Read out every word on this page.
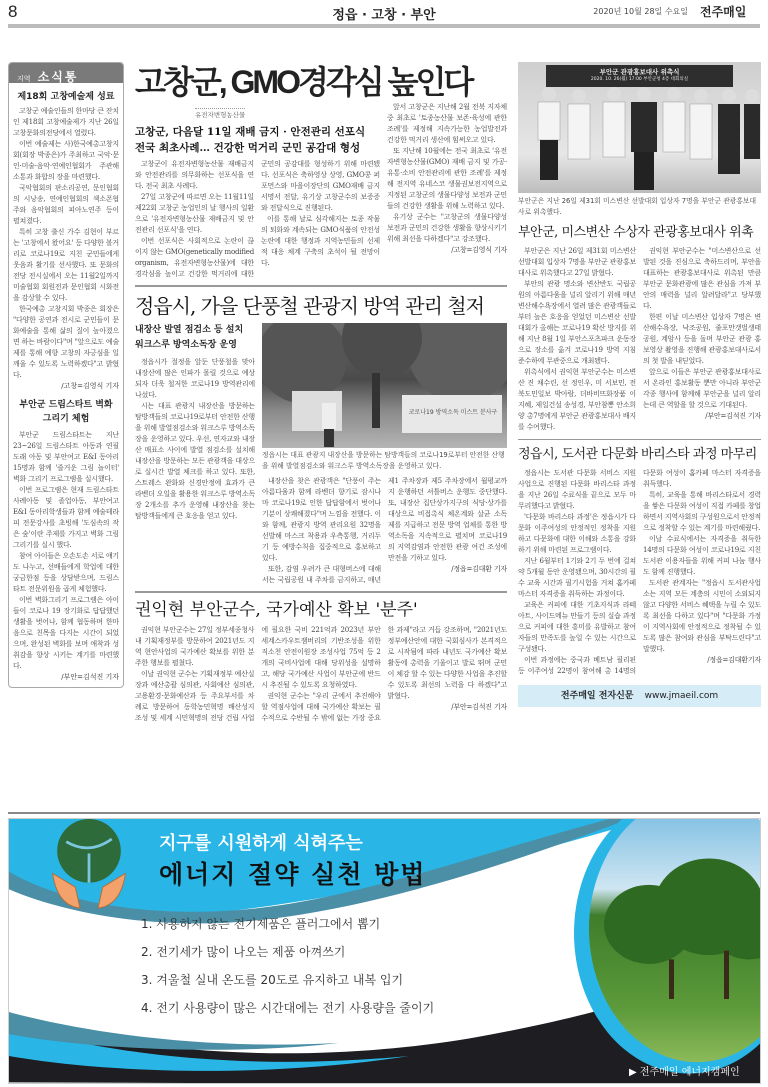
8	정읍 · 고창 · 부안	2020년 10월 28일 수요일 전주매일
지역 소식통
제18회 고창예술제 성료

고창군 예술인들의 한마당 큰 잔치인 제18회 고창예술제가 지난 26일 고창문화의전당에서 열렸다.

이번 예술제는 사)한국예총고창지회(회장 박종은)가 주최하고 국악·문인·미술·음악·연예인협회가 주관해 소통과 화합의 장을 마련했다.

국악협회의 판소리공연, 문인협회의 시낭송, 연예인협회의 색소폰협주와 음악협회의 피아노연주 등이 펼쳐졌다.

특히 고창 출신 가수 김현이 부르는 '고창에서 왔어요' 등 다양한 볼거리로 코로나19로 지친 군민들에게 웃음과 활기를 선사했다. 또 문화의전당 전시실에서 오는 11월2일까지 미술협회 회원전과 문인협회 시화전을 감상할 수 있다.

한국예총 고창지회 박종은 회장은 "다양한 공연과 전시로 군민들이 문화예술을 통해 삶의 질이 높아졌으면 하는 바람이다"며 "앞으로도 예술제를 통해 예향 고창의 자긍심을 일깨울 수 있도록 노력하겠다"고 밝혔다.

/고창=김영식 기자
부안군 드림스타트 벽화 그리기 체험

부안군 드림스타트는 지난 23~26일 드림스타트 아동과 연필도래 아동 및 부안여고 E&I 동아리 15명과 함께 '즐거운 그림 놀이터' 벽화 그리기 프로그램을 실시했다.

이번 프로그램은 현재 드림스타트 사례아동 및 졸업아동, 부안여고 E&I 동아리학생들과 함께 예술테라피 전문강사를 초빙해 '도심속의 작은 숲'이란 주제를 가지고 벽화 그림 그리기를 실시 했다.

참여 아이들은 오손도손 서로 얘기도 나누고, 선배들에게 학업에 대한 궁금한점 등을 상담받으며, 드림스타트 전문위원을 곱게 체험했다.

이번 벽화그리기 프로그램은 아이들이 코로나 19 장기화로 답답했던 생활을 벗어나, 함께 협동하며 한마음으로 친목을 다지는 시간이 되었으며, 완성된 벽화를 보며 애착과 성취감을 향상 시키는 계기를 마련했다.

/부안=김석진 기자
고창군, GMO경각심 높인다
유전자변형농산물
고창군, 다음달 11일 재배 금지 · 안전관리 선포식
전국 최초사례… 건강한 먹거리 군민 공감대 형성

고창군이 유전자변형농산물 재배금지와 안전관리를 의무화하는 선포식을 연다. 전국 최초 사례다.

27일 고창군에 따르면 오는 11월11일 제22회 고창군 농업인의 날 행사의 일환으로 '유전자변형농산물 재배금지 및 안전관리 선포식'을 연다.

이번 선포식은 사회적으로 논란이 끊이지 않는 GMO(genetically modified organism, 유전자변형농산물)에 대한 경각심을 높이고 건강한 먹거리에 대한 군민의 공감대를 형성하기 위해 마련됐다. 선포식은 축하영상 상영, GMO콩 퍼포먼스와 마을이장단의 GMO재배 금지 서명서 전달, 유기상 고창군수의 보증증와 전달식으로 진행된다.

이를 통해 날로 심각해지는 토종 작물의 퇴화와 계속되는 GMO식품의 안전성 논란에 대한 행정과 지역농민들의 선제적 대응 체계 구축의 초석이 될 전망이다.

앞서 고창군은 지난해 2월 전북 지자체 중 최초로 '토종농산물 보존·육성에 관한 조례'를 제정해 지속가능한 농업발전과 건강한 먹거리 생산에 힘써오고 있다.

또 지난해 10월에는 전국 최초로 '유전자변형농산물(GMO) 재배 금지 및 가공·유통·소비 안전관리에 관한 조례'를 제정해 전지역 유네스코 생물권보전지역으로 지정된 고창군의 생물다양성 보전과 군민들의 건강한 생활을 위해 노력하고 있다.

유기상 군수는 "고창군의 생물다양성 보전과 군민의 건강한 생활을 향상시키기 위해 최선을 다하겠다"고 강조했다.

/고창=김영식 기자
정읍시, 가을 단풍철 관광지 방역 관리 철저
내장산 발열 점검소 등 설치
워크스루 방역소독장 운영

정읍시가 절정을 앞둔 단풍철을 맞아 내장산에 많은 인파가 몰릴 것으로 예상되자 더욱 철저한 코로나19 방역관리에 나섰다.

시는 대표 관광지 내장산을 방문하는 탐방객들의 코로나19로부터 안전한 산행을 위해 발열점검소와 워크스루 방역소독장을 운영하고 있다. 우선, 연자교와 내장산 매표소 사이에 발열 점검소를 설치해 내장산을 방문하는 모든 관광객을 대상으로 실시간 발열 체크를 하고 있다. 또한, 스트레스 완화와 신경안정에 효과가 큰 라벤더 오일을 활용한 워크스루 방역소독장 2개소를 추가 운영해 내장산을 찾는 탐방객들에게 큰 호응을 얻고 있다.

코로나19 방역소독 미스트 분사구
정읍시는 대표 관광지 내장산을 방문하는 탐방객들의 코로나19로부터 안전한 산행을 위해 발열점검소와 워크스루 방역소독장을 운영하고 있다.

내장산을 찾은 관광객은 "단풍이 주는 아름다움과 함께 라벤더 향기로 잠시나마 코로나19로 인한 답답함에서 벗어나 기분이 상쾌해졌다"며 느낌을 전했다. 이와 함께, 관광지 방역 관리요원 32명을 선발해 마스크 착용과 우측통행, 거리두기 등 예방수칙을 집중적으로 홍보하고 있다.

또한, 감염 우려가 큰 대형버스에 대해서는 국립공원 내 주차를 금지하고, 매년 제1 주차장과 제5 주차장에서 월평교까지 운행하던 셔틀버스 운행도 중단했다. 또, 내장산 집단상가지구의 식당·상가를 대상으로 비접촉식 체온계와 살균 소독제를 지급하고 전문 방역 업체를 통한 방역소독을 지속적으로 펼치며 코로나19의 지역감염과 안전한 관광 여건 조성에 만전을 기하고 있다.

/정읍=김대환 기자
권익현 부안군수, 국가예산 확보 '분주'

권익현 부안군수는 27일 정부세종청사 내 기획재정부를 방문하여 2021년도 지역 현안사업의 국가예산 확보를 위한 분주한 행보를 펼쳤다.

이날 권익현 군수는 기획재정부 예산실장과 예산총괄 심의관, 사회예산 심의관, 고용환경·문화예산과 등 주요부서를 차례로 방문하여 동학농민혁명 배산성지 조성 및 세계 시민혁명의 전당 건립 사업에 필요한 국비 221억과 2023년 부안 세계스카우트잼버리의 기반조성을 위한 직소천 안전이원장 조성사업 75억 등 2개의 국비사업에 대해 당위성을 설명하고, 해당 국가예산 사업이 부안군에 반드시 추진될 수 있도록 요청하였다.

권익현 군수는 "우리 군에서 추진해야 할 역점사업에 대해 국가예산 확보는 필수적으로 수반될 수 밖에 없는 가장 중요한 과제"라고 거듭 강조하며, "2021년도 정부예산안에 대한 국회심사가 본격적으로 시작됨에 따라 내년도 국가예산 확보 활동에 총력을 기울이고 발로 뛰며 군민이 체감 할 수 있는 다양한 사업을 추진할 수 있도록 최선의 노력을 다 하겠다"고 밝혔다.

/부안=김석진 기자
부안군 관광홍보대사 위촉식
2020. 10. 26(월) 17:00 부안군청 4층 대회의실
부안군은 지난 26일 제31회 미스변산 선발대회 입상자 7명을 부안군 관광홍보대사로 위촉했다.
부안군, 미스변산 수상자 관광홍보대사 위촉

부안군은 지난 26일 제31회 미스변산 선발대회 입상자 7명을 부안군 관광홍보대사로 위촉했다고 27일 밝혔다.

부안의 관광 명소와 변산반도 국립공원의 아름다움을 널리 알리기 위해 매년 변산해수욕장에서 열려 많은 관광객들로부터 높은 호응을 얻었던 미스변산 선발대회가 올해는 코로나19 확산 방지를 위해 지난 8월 1일 부안스포츠파크 운동장으로 장소를 옮겨 코로나19 방역 지침 준수하에 무관중으로 개최됐다.

위촉식에서 권익현 부안군수는 미스변산 진 채수린, 선 정인우, 미 서보민, 전북도민일보 박아람, 더바비뜨화장품 이지혜, 제일건설 송성경, 부안참뽕 안소희 양 총7명에게 부안군 관광홍보대사 배지를 수여했다.

권익현 부안군수는 "미스변산으로 선발된 것을 진심으로 축하드리며, 부안을 대표하는 관광홍보대사로 위촉된 만큼 부안군 문화관광에 많은 관심을 가져 부안의 매력을 널리 알려달라"고 당부했다.

한편 이날 미스변산 입상자 7명은 변산해수욕장, 낙조공원, 줄포만갯벌생태공원, 계암사 등을 돌며 부안군 관광 홍보영상 촬영을 진행해 관광홍보대사로서의 첫 발을 내딛었다.

앞으로 이들은 부안군 관광홍보대사로서 온라인 홍보활동 뿐만 아니라 부안군 각종 행사에 함께해 부안군을 널리 알리는데 큰 역할을 할 것으로 기대된다.

/부안=김석진 기자
정읍시, 도서관 다문화 바리스타 과정 마무리

정읍시는 도서관 다문화 서비스 지원사업으로 진행된 다문화 바리스타 과정을 지난 26일 수료식을 끝으로 모두 마무리했다고 밝혔다.

'다문화 바리스타 과정'은 정읍시가 다문화 이주여성의 안정적인 정착을 지원하고 다문화에 대한 이해와 소통을 강화하기 위해 마련된 프로그램이다.

지난 6월부터 1기와 2기 두 번에 걸쳐 약 5개월 동안 운영됐으며, 30시간의 필수 교육 시간과 필기시험을 거쳐 홈카페 마스터 자격증을 취득하는 과정이다.

교육은 커피에 대한 기초지식과 라떼아트, 사이드메뉴 만들기 등의 실습 과정으로 커피에 대한 흥미를 유발하고 참여자들의 만족도를 높일 수 있는 시간으로 구성됐다.

이번 과정에는 중국과 베트남 필리핀 등 이주여성 22명이 참여해 총 14명의 다문화 여성이 홈카페 마스터 자격증을 취득했다.

특히, 교육을 통해 바리스타로서 경력을 쌓은 다문화 여성이 직접 카페를 창업하면서 지역사회의 구성원으로서 안정적으로 정착할 수 있는 계기를 마련해줬다.

이날 수료식에서는 자격증을 취득한 14명의 다문화 여성이 코로나19로 지친 도서관 이용자들을 위해 커피 나눔 행사도 함께 진행했다.

도서관 관계자는 "정읍시 도서관사업소는 지역 모든 계층의 시민이 소외되지 않고 다양한 서비스 혜택을 누릴 수 있도록 최선을 다하고 있다"며 "다문화 가정이 지역사회에 안정적으로 정착될 수 있도록 많은 참여와 관심을 부탁드린다"고 말했다.

/정읍=김대환기자
전주매일 전자신문 www.jmaeil.com
지구를 시원하게 식혀주는
에너지 절약 실천 방법
1. 사용하지 않는 전기제품은 플러그에서 뽑기
2. 전기세가 많이 나오는 제품 아껴쓰기
3. 겨울철 실내 온도를 20도로 유지하고 내복 입기
4. 전기 사용량이 많은 시간대에는 전기 사용량을 줄이기
▶ 전주매일 에너지캠페인
